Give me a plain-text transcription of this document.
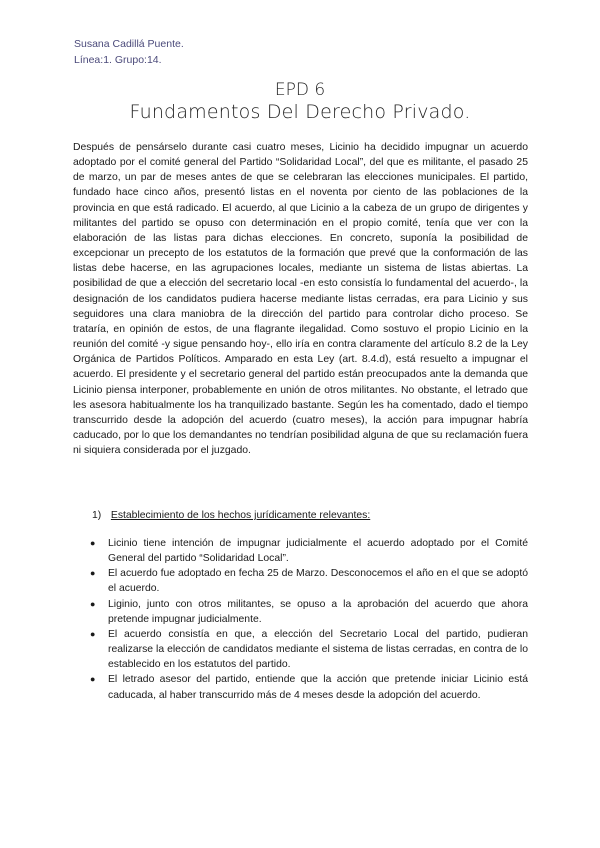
Susana Cadillá Puente.
Línea:1. Grupo:14.
EPD 6
Fundamentos Del Derecho Privado.
Después de pensárselo durante casi cuatro meses, Licinio ha decidido impugnar un acuerdo adoptado por el comité general del Partido “Solidaridad Local”, del que es militante, el pasado 25 de marzo, un par de meses antes de que se celebraran las elecciones municipales. El partido, fundado hace cinco años, presentó listas en el noventa por ciento de las poblaciones de la provincia en que está radicado. El acuerdo, al que Licinio a la cabeza de un grupo de dirigentes y militantes del partido se opuso con determinación en el propio comité, tenía que ver con la elaboración de las listas para dichas elecciones. En concreto, suponía la posibilidad de excepcionar un precepto de los estatutos de la formación que prevé que la conformación de las listas debe hacerse, en las agrupaciones locales, mediante un sistema de listas abiertas. La posibilidad de que a elección del secretario local -en esto consistía lo fundamental del acuerdo-, la designación de los candidatos pudiera hacerse mediante listas cerradas, era para Licinio y sus seguidores una clara maniobra de la dirección del partido para controlar dicho proceso. Se trataría, en opinión de estos, de una flagrante ilegalidad. Como sostuvo el propio Licinio en la reunión del comité -y sigue pensando hoy-, ello iría en contra claramente del artículo 8.2 de la Ley Orgánica de Partidos Políticos. Amparado en esta Ley (art. 8.4.d), está resuelto a impugnar el acuerdo. El presidente y el secretario general del partido están preocupados ante la demanda que Licinio piensa interponer, probablemente en unión de otros militantes. No obstante, el letrado que les asesora habitualmente los ha tranquilizado bastante. Según les ha comentado, dado el tiempo transcurrido desde la adopción del acuerdo (cuatro meses), la acción para impugnar habría caducado, por lo que los demandantes no tendrían posibilidad alguna de que su reclamación fuera ni siquiera considerada por el juzgado.
1) Establecimiento de los hechos jurídicamente relevantes:
● Licinio tiene intención de impugnar judicialmente el acuerdo adoptado por el Comité General del partido “Solidaridad Local”.
● El acuerdo fue adoptado en fecha 25 de Marzo. Desconocemos el año en el que se adoptó el acuerdo.
● Liginio, junto con otros militantes, se opuso a la aprobación del acuerdo que ahora pretende impugnar judicialmente.
● El acuerdo consistía en que, a elección del Secretario Local del partido, pudieran realizarse la elección de candidatos mediante el sistema de listas cerradas, en contra de lo establecido en los estatutos del partido.
● El letrado asesor del partido, entiende que la acción que pretende iniciar Licinio está caducada, al haber transcurrido más de 4 meses desde la adopción del acuerdo.
